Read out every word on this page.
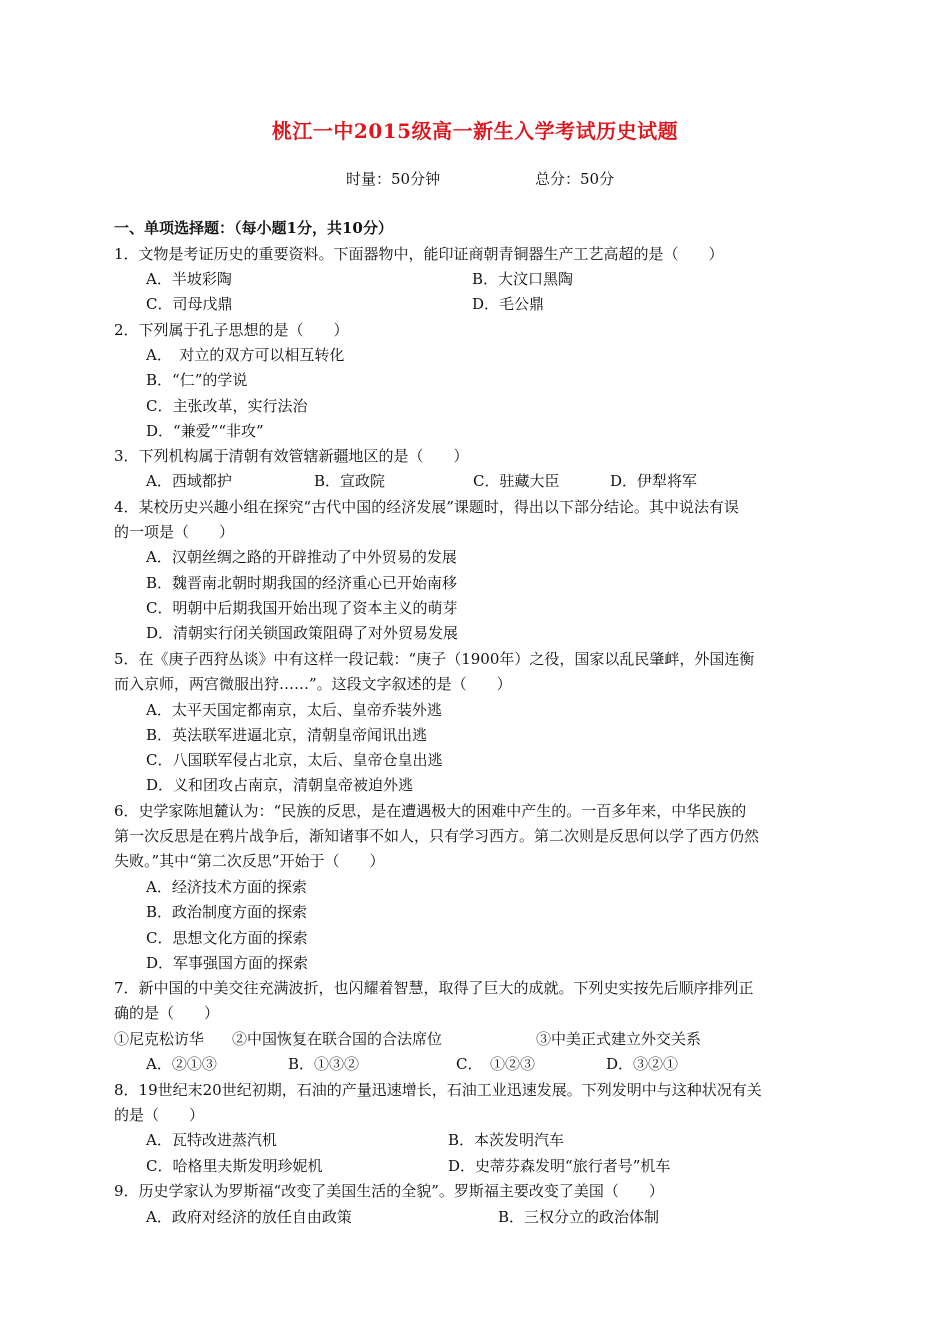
桃江一中2015级高一新生入学考试历史试题
时量：50分钟	总分：50分
一、单项选择题：（每小题1分，共10分）
1．文物是考证历史的重要资料。下面器物中，能印证商朝青铜器生产工艺高超的是（　　）
A．半坡彩陶	B．大汶口黑陶
C．司母戊鼎	D．毛公鼎
2．下列属于孔子思想的是（　　）
A．　对立的双方可以相互转化
B．“仁”的学说
C．主张改革，实行法治
D．“兼爱”“非攻”
3．下列机构属于清朝有效管辖新疆地区的是（　　）
A．西域都护	B．宣政院	C．驻藏大臣	D．伊犁将军
4．某校历史兴趣小组在探究“古代中国的经济发展”课题时，得出以下部分结论。其中说法有误
的一项是（　　）
A．汉朝丝绸之路的开辟推动了中外贸易的发展
B．魏晋南北朝时期我国的经济重心已开始南移
C．明朝中后期我国开始出现了资本主义的萌芽
D．清朝实行闭关锁国政策阻碍了对外贸易发展
5．在《庚子西狩丛谈》中有这样一段记载：“庚子（1900年）之役，国家以乱民肇衅，外国连衡
而入京师，两宫微服出狩……”。这段文字叙述的是（　　）
A．太平天国定都南京，太后、皇帝乔装外逃
B．英法联军进逼北京，清朝皇帝闻讯出逃
C．八国联军侵占北京，太后、皇帝仓皇出逃
D．义和团攻占南京，清朝皇帝被迫外逃
6．史学家陈旭麓认为：“民族的反思，是在遭遇极大的困难中产生的。一百多年来，中华民族的
第一次反思是在鸦片战争后，渐知诸事不如人，只有学习西方。第二次则是反思何以学了西方仍然
失败。”其中“第二次反思”开始于（　　）
A．经济技术方面的探索
B．政治制度方面的探索
C．思想文化方面的探索
D．军事强国方面的探索
7．新中国的中美交往充满波折，也闪耀着智慧，取得了巨大的成就。下列史实按先后顺序排列正
确的是（　　）
①尼克松访华 ②中国恢复在联合国的合法席位	③中美正式建立外交关系
A．②①③	B．①③②	C．　①②③	D．③②①
8．19世纪末20世纪初期，石油的产量迅速增长，石油工业迅速发展。下列发明中与这种状况有关
的是（　　）
A．瓦特改进蒸汽机	B．本茨发明汽车
C．哈格里夫斯发明珍妮机	D．史蒂芬森发明“旅行者号”机车
9．历史学家认为罗斯福“改变了美国生活的全貌”。罗斯福主要改变了美国（　　）
A．政府对经济的放任自由政策	B．三权分立的政治体制
